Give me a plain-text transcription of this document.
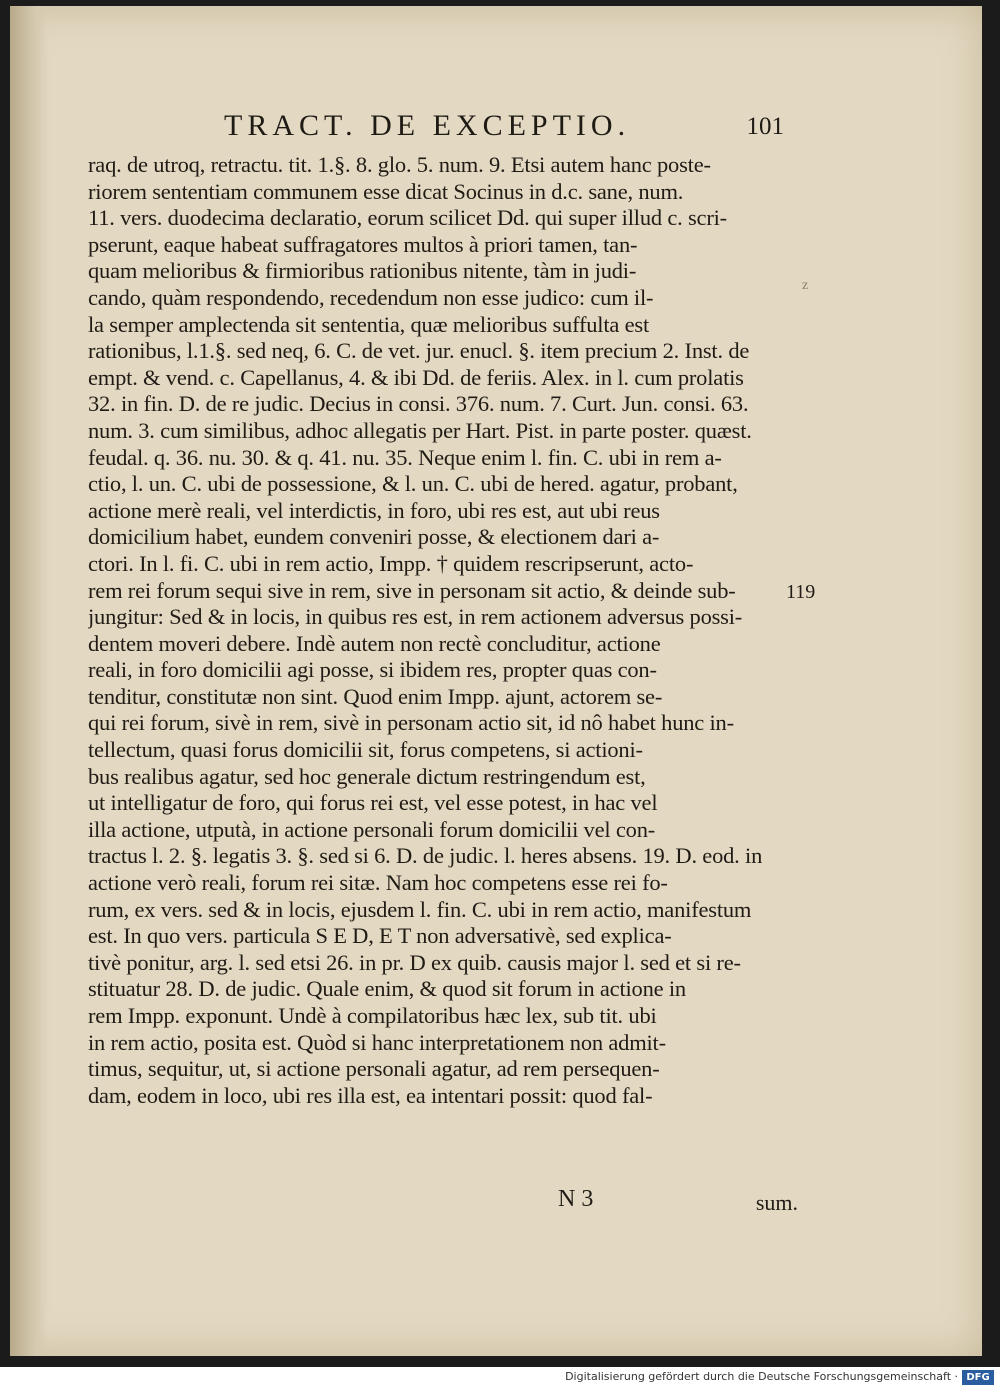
TRACT. DE EXCEPTIO.	101
raq. de utroq, retractu. tit. 1.§. 8. glo. 5. num. 9. Etsi autem hanc poste-
riorem sententiam communem esse dicat Socinus in d.c. sane, num.
11. vers. duodecima declaratio, eorum scilicet Dd. qui super illud c. scri-
pserunt, eaque habeat suffragatores multos à priori tamen, tan-
quam melioribus & firmioribus rationibus nitente, tàm in judi-
cando, quàm respondendo, recedendum non esse judico: cum il-
la semper amplectenda sit sententia, quæ melioribus suffulta est
rationibus, l.1.§. sed neq, 6. C. de vet. jur. enucl. §. item precium 2. Inst. de
empt. & vend. c. Capellanus, 4. & ibi Dd. de feriis. Alex. in l. cum prolatis
32. in fin. D. de re judic. Decius in consi. 376. num. 7. Curt. Jun. consi. 63.
num. 3. cum similibus, adhoc allegatis per Hart. Pist. in parte poster. quæst.
feudal. q. 36. nu. 30. & q. 41. nu. 35. Neque enim l. fin. C. ubi in rem a-
ctio, l. un. C. ubi de possessione, & l. un. C. ubi de hered. agatur, probant,
actione merè reali, vel interdictis, in foro, ubi res est, aut ubi reus
domicilium habet, eundem conveniri posse, & electionem dari a-
ctori. In l. fi. C. ubi in rem actio, Impp. † quidem rescripserunt, acto-
rem rei forum sequi sive in rem, sive in personam sit actio, & deinde sub-
jungitur: Sed & in locis, in quibus res est, in rem actionem adversus possi-
dentem moveri debere. Indè autem non rectè concluditur, actione
reali, in foro domicilii agi posse, si ibidem res, propter quas con-
tenditur, constitutæ non sint. Quod enim Impp. ajunt, actorem se-
qui rei forum, sivè in rem, sivè in personam actio sit, id nô habet hunc in-
tellectum, quasi forus domicilii sit, forus competens, si actioni-
bus realibus agatur, sed hoc generale dictum restringendum est,
ut intelligatur de foro, qui forus rei est, vel esse potest, in hac vel
illa actione, utputà, in actione personali forum domicilii vel con-
tractus l. 2. §. legatis 3. §. sed si 6. D. de judic. l. heres absens. 19. D. eod. in
actione verò reali, forum rei sitæ. Nam hoc competens esse rei fo-
rum, ex vers. sed & in locis, ejusdem l. fin. C. ubi in rem actio, manifestum
est. In quo vers. particula S E D, E T non adversativè, sed explica-
tivè ponitur, arg. l. sed etsi 26. in pr. D ex quib. causis major l. sed et si re-
stituatur 28. D. de judic. Quale enim, & quod sit forum in actione in
rem Impp. exponunt. Undè à compilatoribus hæc lex, sub tit. ubi
in rem actio, posita est. Quòd si hanc interpretationem non admit-
timus, sequitur, ut, si actione personali agatur, ad rem persequen-
dam, eodem in loco, ubi res illa est, ea intentari possit: quod fal-
z
119
N 3	sum.
Digitalisierung gefördert durch die Deutsche Forschungsgemeinschaft · DFG
